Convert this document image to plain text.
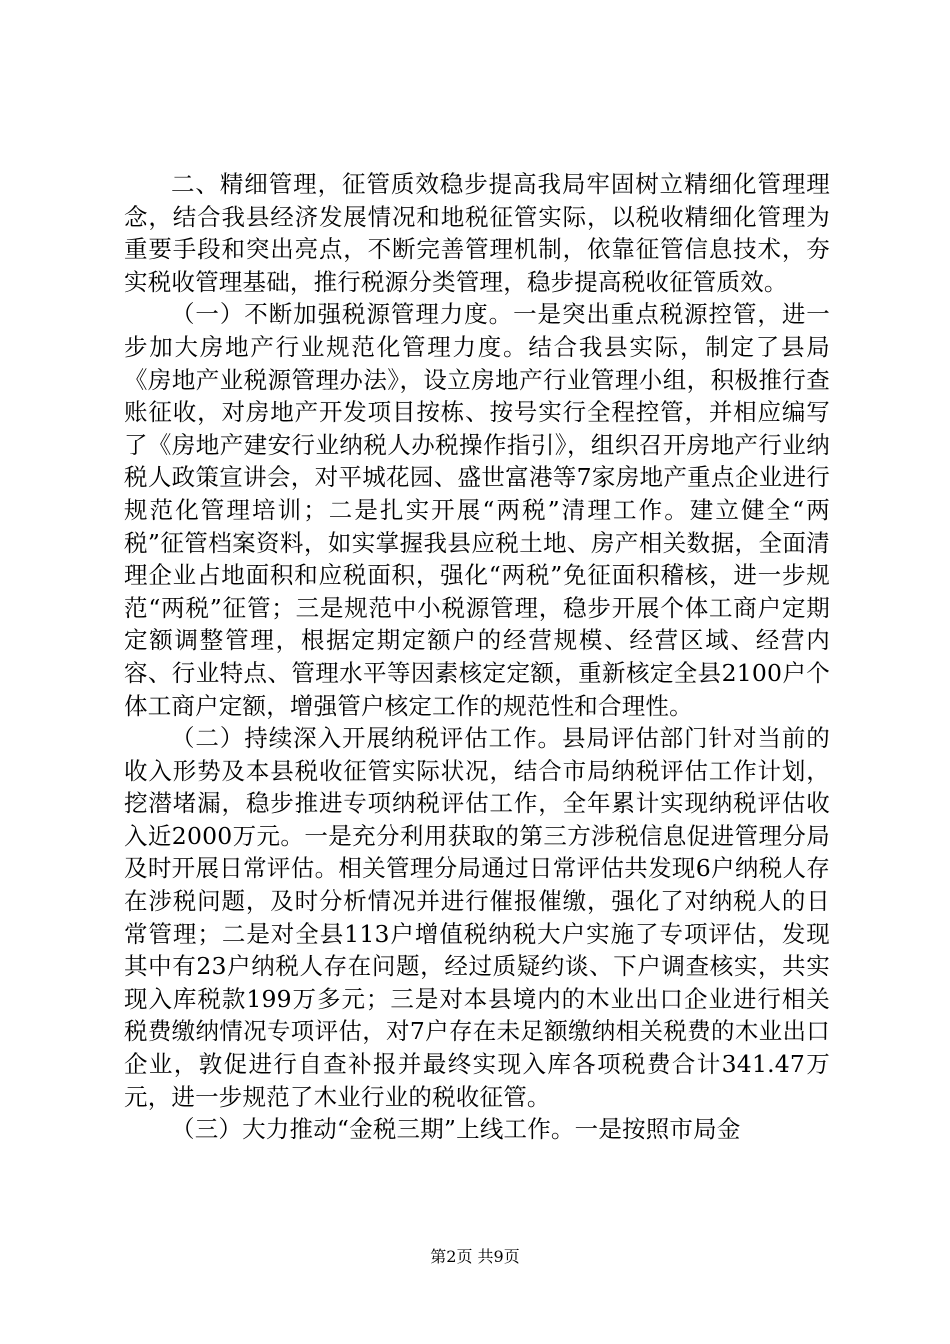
二、精细管理，征管质效稳步提高我局牢固树立精细化管理理念，结合我县经济发展情况和地税征管实际，以税收精细化管理为重要手段和突出亮点，不断完善管理机制，依靠征管信息技术，夯实税收管理基础，推行税源分类管理，稳步提高税收征管质效。

（一）不断加强税源管理力度。一是突出重点税源控管，进一步加大房地产行业规范化管理力度。结合我县实际，制定了县局《房地产业税源管理办法》，设立房地产行业管理小组，积极推行查账征收，对房地产开发项目按栋、按号实行全程控管，并相应编写了《房地产建安行业纳税人办税操作指引》，组织召开房地产行业纳税人政策宣讲会，对平城花园、盛世富港等7家房地产重点企业进行规范化管理培训；二是扎实开展“两税”清理工作。建立健全“两税”征管档案资料，如实掌握我县应税土地、房产相关数据，全面清理企业占地面积和应税面积，强化“两税”免征面积稽核，进一步规范“两税”征管；三是规范中小税源管理，稳步开展个体工商户定期定额调整管理，根据定期定额户的经营规模、经营区域、经营内容、行业特点、管理水平等因素核定定额，重新核定全县2100户个体工商户定额，增强管户核定工作的规范性和合理性。

（二）持续深入开展纳税评估工作。县局评估部门针对当前的收入形势及本县税收征管实际状况，结合市局纳税评估工作计划，挖潜堵漏，稳步推进专项纳税评估工作，全年累计实现纳税评估收入近2000万元。一是充分利用获取的第三方涉税信息促进管理分局及时开展日常评估。相关管理分局通过日常评估共发现6户纳税人存在涉税问题，及时分析情况并进行催报催缴，强化了对纳税人的日常管理；二是对全县113户增值税纳税大户实施了专项评估，发现其中有23户纳税人存在问题，经过质疑约谈、下户调查核实，共实现入库税款199万多元；三是对本县境内的木业出口企业进行相关税费缴纳情况专项评估，对7户存在未足额缴纳相关税费的木业出口企业，敦促进行自查补报并最终实现入库各项税费合计341.47万元，进一步规范了木业行业的税收征管。

（三）大力推动“金税三期”上线工作。一是按照市局金

第2页 共9页
